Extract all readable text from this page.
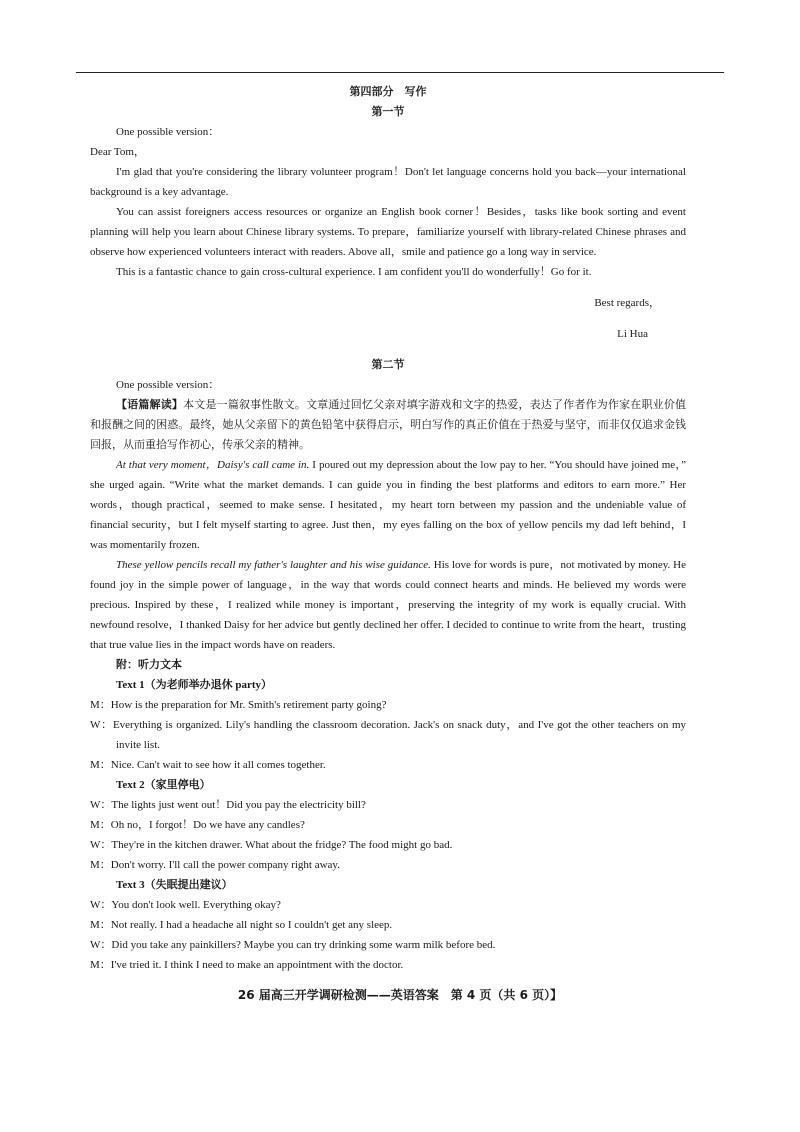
第四部分　写作

第一节

One possible version：

Dear Tom，

I'm glad that you're considering the library volunteer program！Don't let language concerns hold you back—your international background is a key advantage.

You can assist foreigners access resources or organize an English book corner！Besides，tasks like book sorting and event planning will help you learn about Chinese library systems. To prepare，familiarize yourself with library-related Chinese phrases and observe how experienced volunteers interact with readers. Above all，smile and patience go a long way in service.

This is a fantastic chance to gain cross-cultural experience. I am confident you'll do wonderfully！Go for it.

Best regards，

Li Hua

第二节

One possible version：

【语篇解读】本文是一篇叙事性散文。文章通过回忆父亲对填字游戏和文字的热爱，表达了作者作为作家在职业价值和报酬之间的困惑。最终，她从父亲留下的黄色铅笔中获得启示，明白写作的真正价值在于热爱与坚守，而非仅仅追求金钱回报，从而重拾写作初心，传承父亲的精神。

At that very moment，Daisy's call came in. I poured out my depression about the low pay to her. “You should have joined me，” she urged again. “Write what the market demands. I can guide you in finding the best platforms and editors to earn more.” Her words，though practical，seemed to make sense. I hesitated，my heart torn between my passion and the undeniable value of financial security，but I felt myself starting to agree. Just then，my eyes falling on the box of yellow pencils my dad left behind，I was momentarily frozen.

These yellow pencils recall my father's laughter and his wise guidance. His love for words is pure，not motivated by money. He found joy in the simple power of language，in the way that words could connect hearts and minds. He believed my words were precious. Inspired by these，I realized while money is important，preserving the integrity of my work is equally crucial. With newfound resolve，I thanked Daisy for her advice but gently declined her offer. I decided to continue to write from the heart，trusting that true value lies in the impact words have on readers.

附：听力文本

Text 1（为老师举办退休 party）

M：How is the preparation for Mr. Smith's retirement party going?

W：Everything is organized. Lily's handling the classroom decoration. Jack's on snack duty，and I've got the other teachers on my invite list.

M：Nice. Can't wait to see how it all comes together.

Text 2（家里停电）

W：The lights just went out！Did you pay the electricity bill?

M：Oh no，I forgot！Do we have any candles?

W：They're in the kitchen drawer. What about the fridge? The food might go bad.

M：Don't worry. I'll call the power company right away.

Text 3（失眠提出建议）

W：You don't look well. Everything okay?

M：Not really. I had a headache all night so I couldn't get any sleep.

W：Did you take any painkillers? Maybe you can try drinking some warm milk before bed.

M：I've tried it. I think I need to make an appointment with the doctor.

26 届高三开学调研检测——英语答案　第 4 页（共 6 页）】
